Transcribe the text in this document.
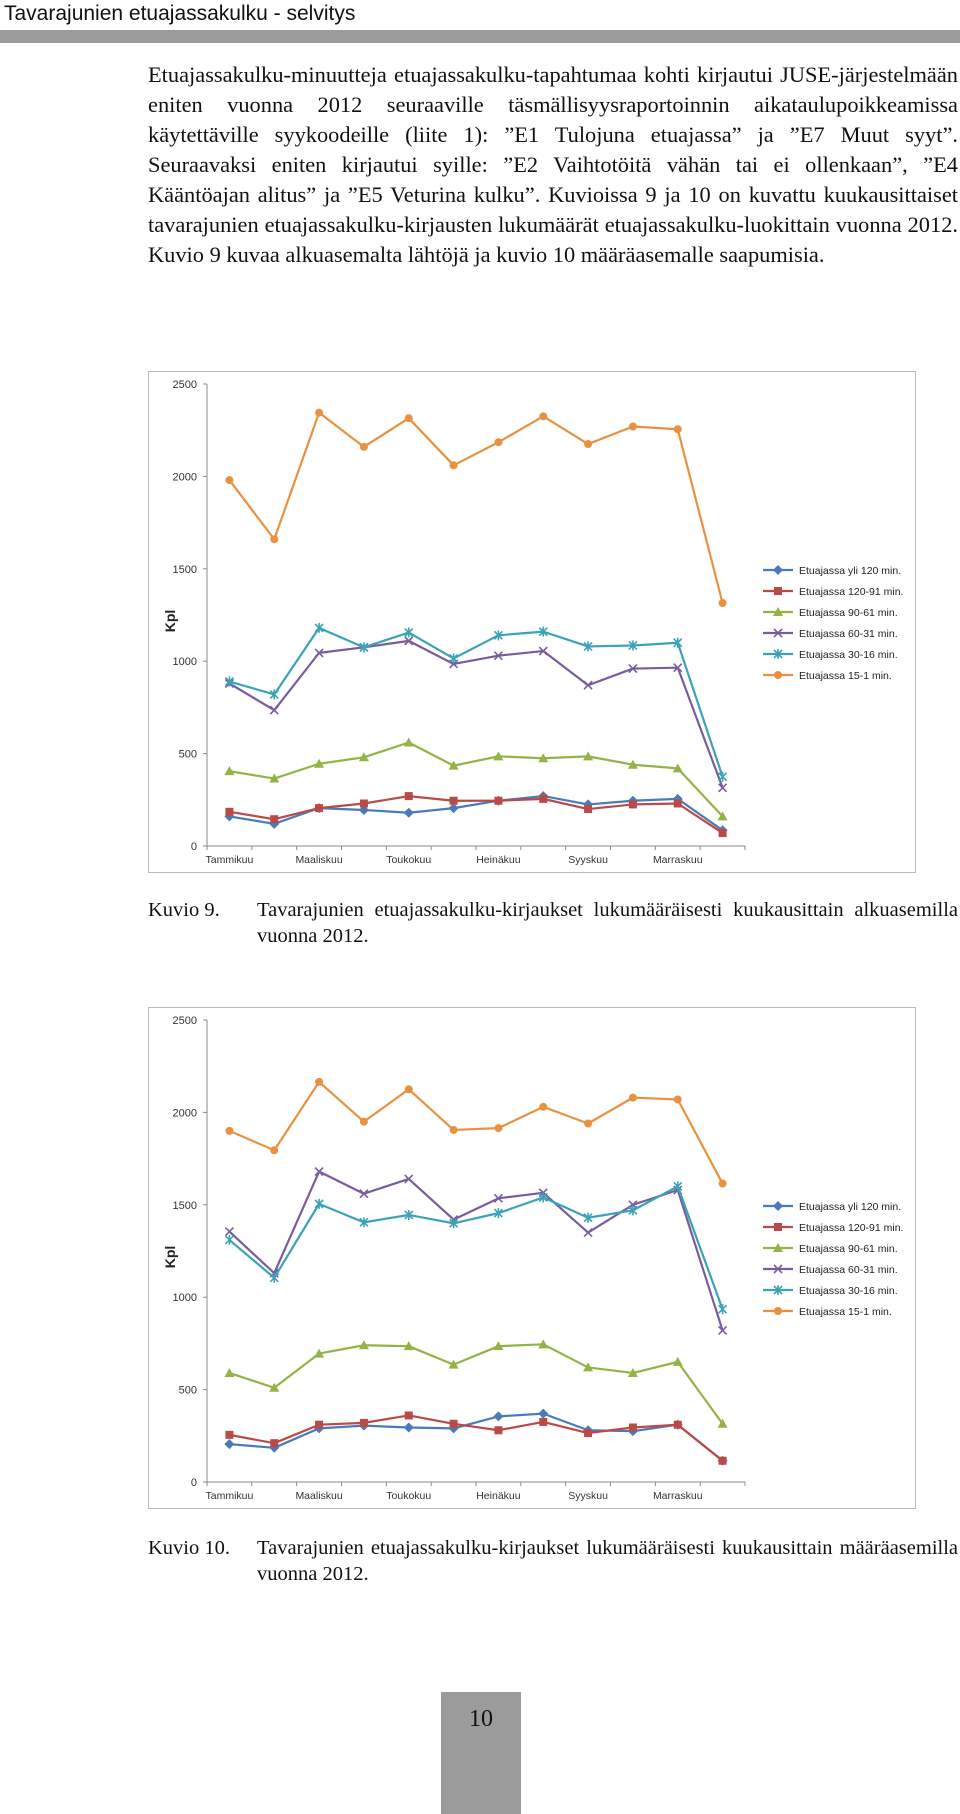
Tavarajunien etuajassakulku - selvitys
Etuajassakulku-minuutteja etuajassakulku-tapahtumaa kohti kirjautui JUSE-järjestelmään eniten vuonna 2012 seuraaville täsmällisyysraportoinnin aikataulupoikkeamissa käytettäville syykoodeille (liite 1): ”E1 Tulojuna etuajassa” ja ”E7 Muut syyt”. Seuraavaksi eniten kirjautui syille: ”E2 Vaihtotöitä vähän tai ei ollenkaan”, ”E4 Kääntöajan alitus” ja ”E5 Veturina kulku”. Kuvioissa 9 ja 10 on kuvattu kuukausittaiset tavarajunien etuajassakulku-kirjausten lukumäärät etuajassakulku-luokittain vuonna 2012. Kuvio 9 kuvaa alkuasemalta lähtöjä ja kuvio 10 määräasemalle saapumisia.
0
500
1000
1500
2000
2500
Tammikuu	Maaliskuu	Toukokuu	Heinäkuu	Syyskuu	Marraskuu
Kpl
Etuajassa yli 120 min.
Etuajassa 120-91 min.
Etuajassa 90-61 min.
Etuajassa 60-31 min.
Etuajassa 30-16 min.
Etuajassa 15-1 min.
Kuvio 9. Tavarajunien etuajassakulku-kirjaukset lukumääräisesti kuukausittain alkuasemilla vuonna 2012.
0
500
1000
1500
2000
2500
Tammikuu	Maaliskuu	Toukokuu	Heinäkuu	Syyskuu	Marraskuu
Kpl
Etuajassa yli 120 min.
Etuajassa 120-91 min.
Etuajassa 90-61 min.
Etuajassa 60-31 min.
Etuajassa 30-16 min.
Etuajassa 15-1 min.
Kuvio 10. Tavarajunien etuajassakulku-kirjaukset lukumääräisesti kuukausittain määräasemilla vuonna 2012.
10
